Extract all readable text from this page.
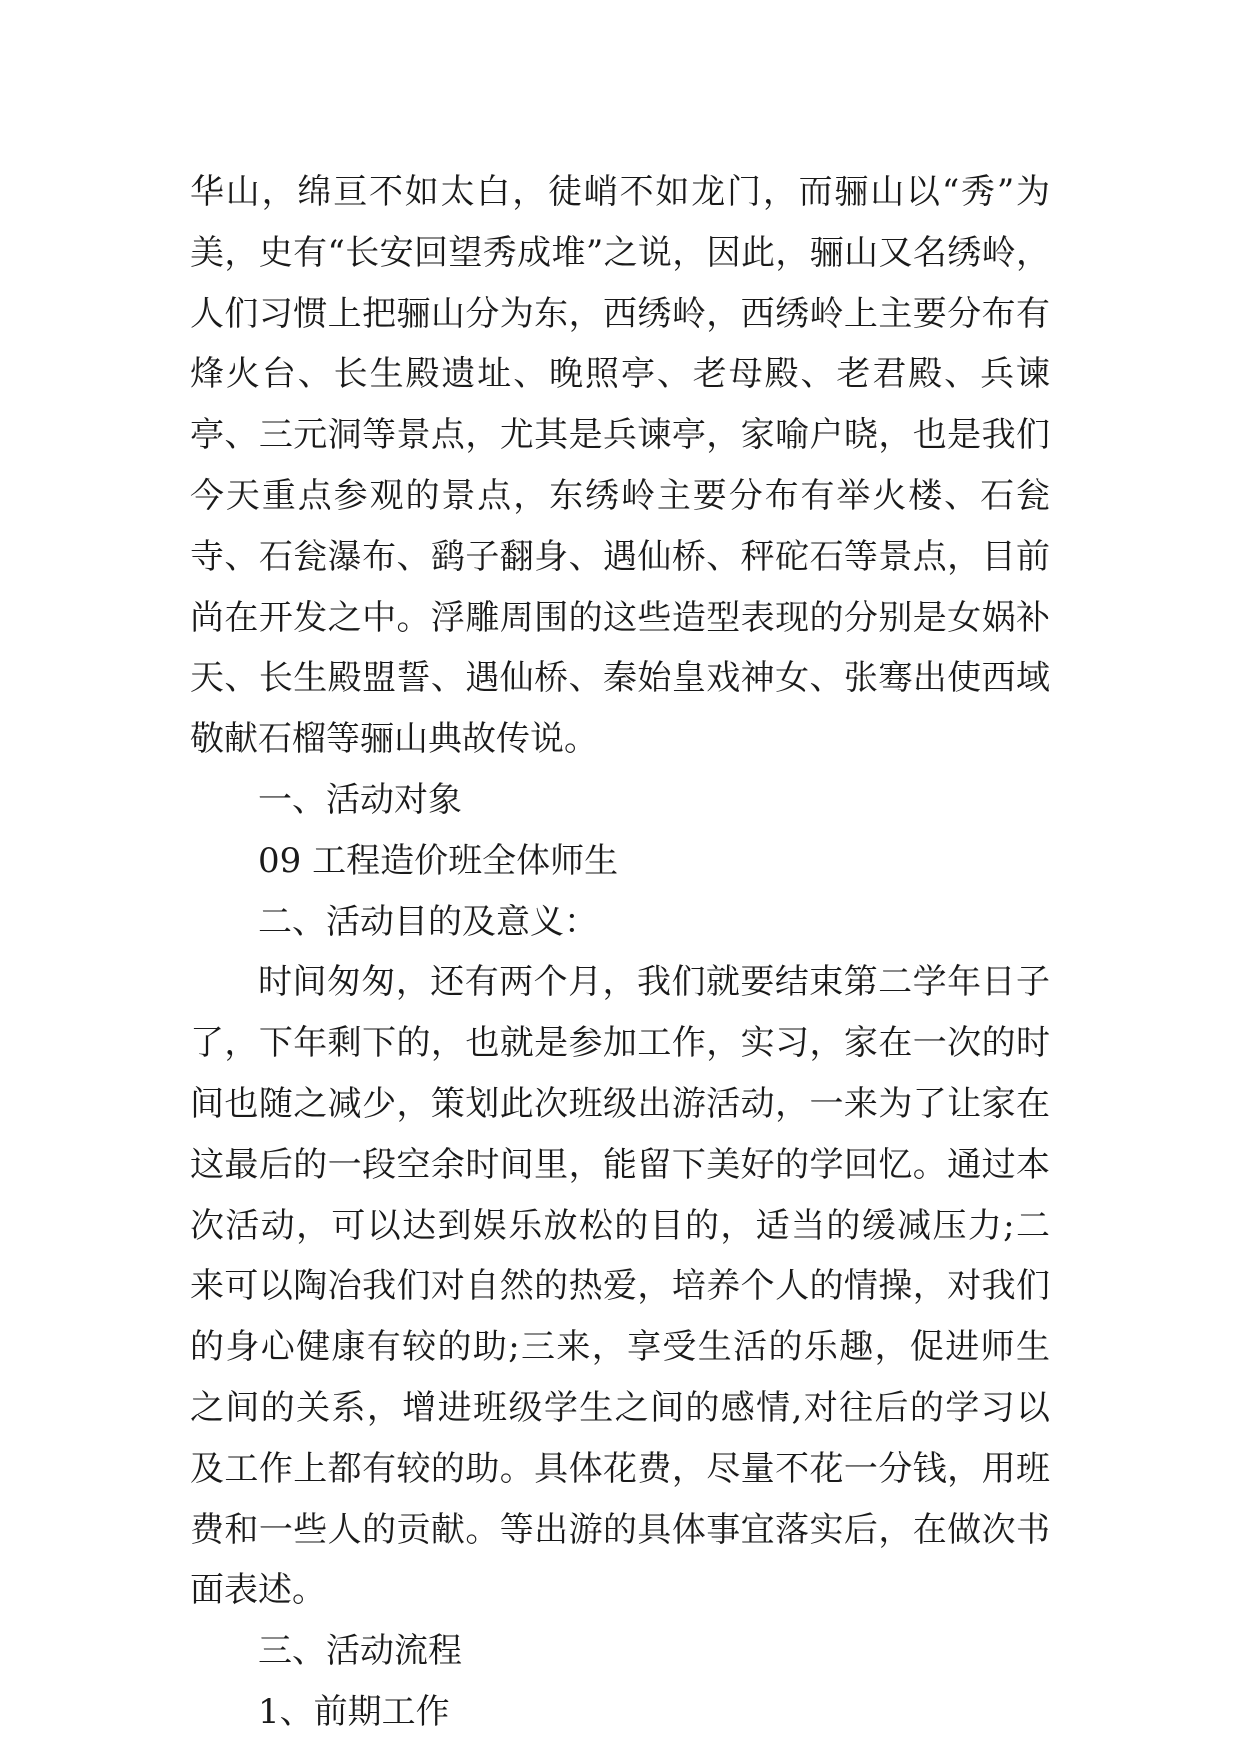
华山，绵亘不如太白，徒峭不如龙门，而骊山以“秀”为美，史有“长安回望秀成堆”之说，因此，骊山又名绣岭，人们习惯上把骊山分为东，西绣岭，西绣岭上主要分布有烽火台、长生殿遗址、晚照亭、老母殿、老君殿、兵谏亭、三元洞等景点，尤其是兵谏亭，家喻户晓，也是我们今天重点参观的景点，东绣岭主要分布有举火楼、石瓮寺、石瓮瀑布、鹞子翻身、遇仙桥、秤砣石等景点，目前尚在开发之中。浮雕周围的这些造型表现的分别是女娲补天、长生殿盟誓、遇仙桥、秦始皇戏神女、张骞出使西域敬献石榴等骊山典故传说。

一、活动对象

09 工程造价班全体师生

二、活动目的及意义：

时间匆匆，还有两个月，我们就要结束第二学年日子了，下年剩下的，也就是参加工作，实习，家在一次的时间也随之减少，策划此次班级出游活动，一来为了让家在这最后的一段空余时间里，能留下美好的学回忆。通过本次活动，可以达到娱乐放松的目的，适当的缓减压力;二来可以陶冶我们对自然的热爱，培养个人的情操，对我们的身心健康有较的助;三来，享受生活的乐趣，促进师生之间的关系，增进班级学生之间的感情,对往后的学习以及工作上都有较的助。具体花费，尽量不花一分钱，用班费和一些人的贡献。等出游的具体事宜落实后，在做次书面表述。

三、活动流程

1、前期工作
